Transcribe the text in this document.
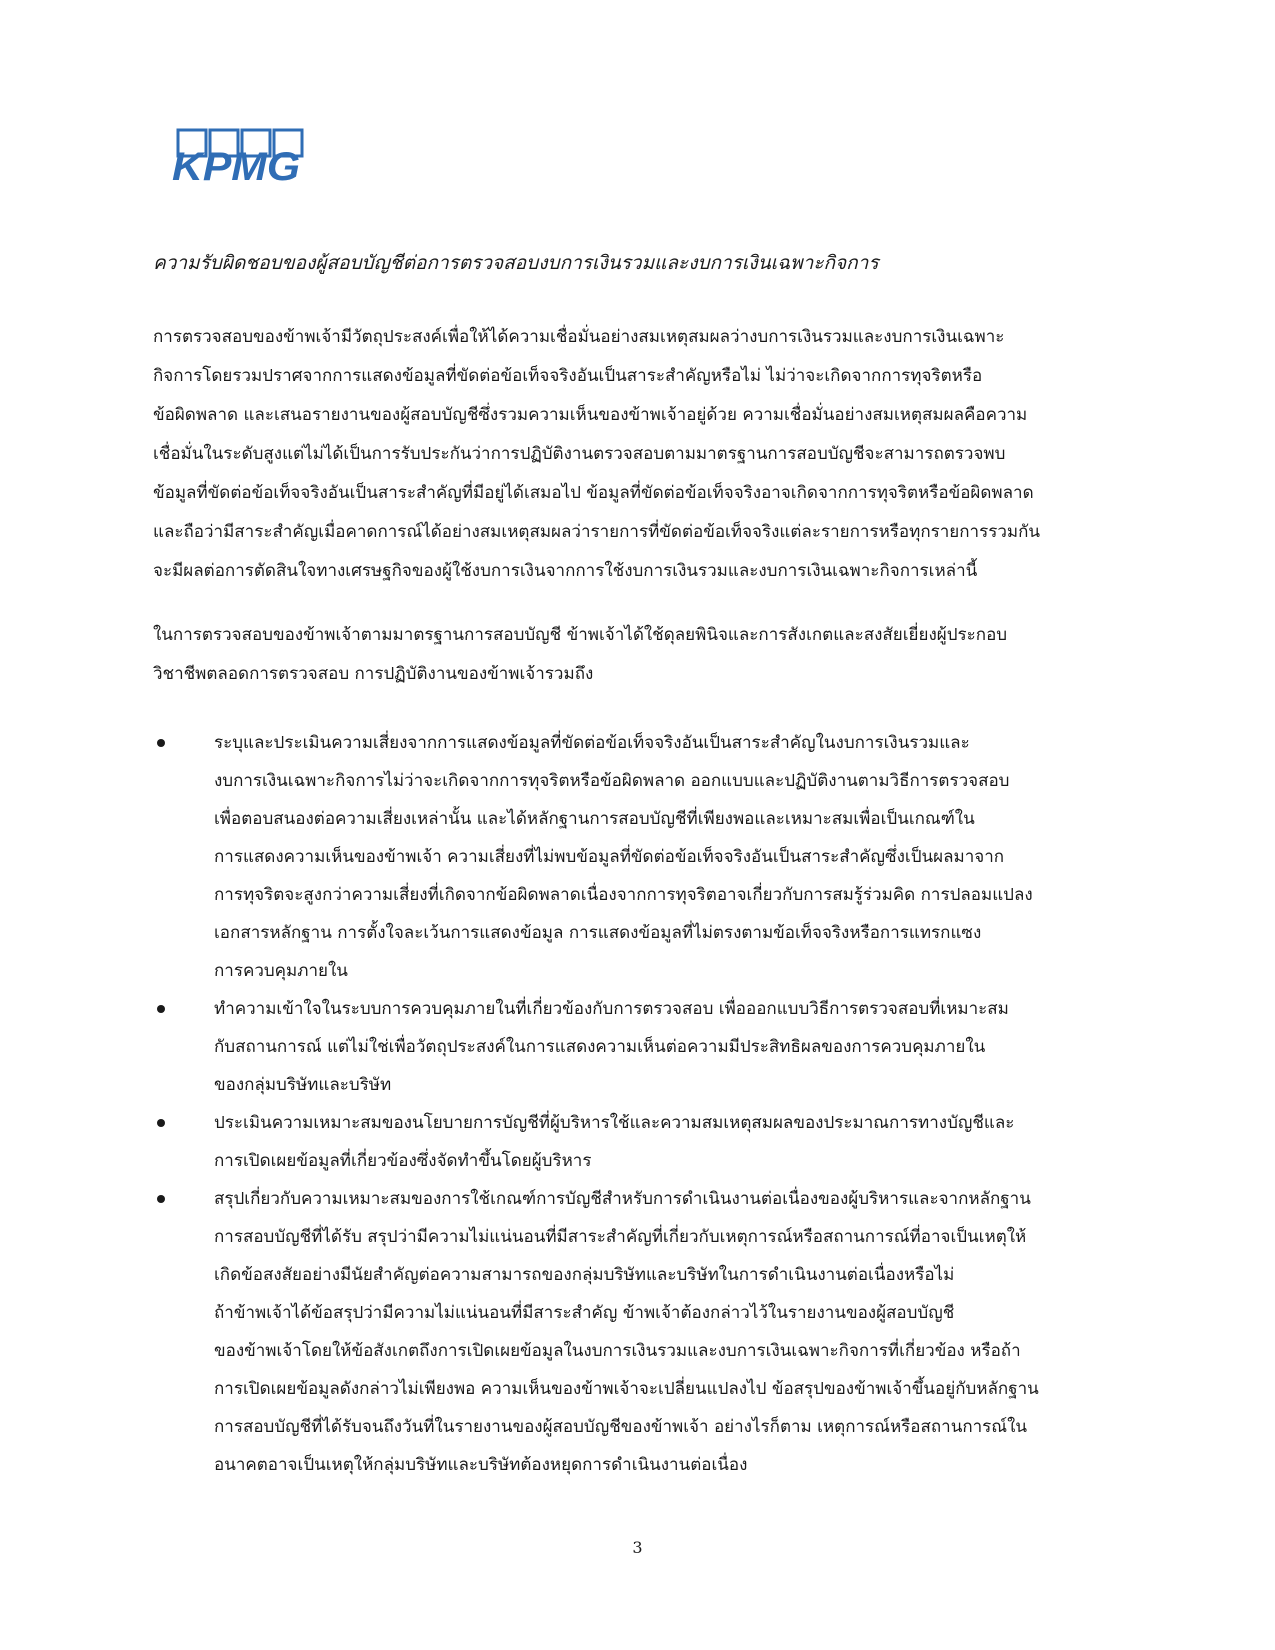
KPMG
ความรับผิดชอบของผู้สอบบัญชีต่อการตรวจสอบงบการเงินรวมและงบการเงินเฉพาะกิจการ
การตรวจสอบของข้าพเจ้ามีวัตถุประสงค์เพื่อให้ได้ความเชื่อมั่นอย่างสมเหตุสมผลว่างบการเงินรวมและงบการเงินเฉพาะ
กิจการโดยรวมปราศจากการแสดงข้อมูลที่ขัดต่อข้อเท็จจริงอันเป็นสาระสำคัญหรือไม่ ไม่ว่าจะเกิดจากการทุจริตหรือ
ข้อผิดพลาด และเสนอรายงานของผู้สอบบัญชีซึ่งรวมความเห็นของข้าพเจ้าอยู่ด้วย ความเชื่อมั่นอย่างสมเหตุสมผลคือความ
เชื่อมั่นในระดับสูงแต่ไม่ได้เป็นการรับประกันว่าการปฏิบัติงานตรวจสอบตามมาตรฐานการสอบบัญชีจะสามารถตรวจพบ
ข้อมูลที่ขัดต่อข้อเท็จจริงอันเป็นสาระสำคัญที่มีอยู่ได้เสมอไป ข้อมูลที่ขัดต่อข้อเท็จจริงอาจเกิดจากการทุจริตหรือข้อผิดพลาด
และถือว่ามีสาระสำคัญเมื่อคาดการณ์ได้อย่างสมเหตุสมผลว่ารายการที่ขัดต่อข้อเท็จจริงแต่ละรายการหรือทุกรายการรวมกัน
จะมีผลต่อการตัดสินใจทางเศรษฐกิจของผู้ใช้งบการเงินจากการใช้งบการเงินรวมและงบการเงินเฉพาะกิจการเหล่านี้
ในการตรวจสอบของข้าพเจ้าตามมาตรฐานการสอบบัญชี ข้าพเจ้าได้ใช้ดุลยพินิจและการสังเกตและสงสัยเยี่ยงผู้ประกอบ
วิชาชีพตลอดการตรวจสอบ การปฏิบัติงานของข้าพเจ้ารวมถึง
ระบุและประเมินความเสี่ยงจากการแสดงข้อมูลที่ขัดต่อข้อเท็จจริงอันเป็นสาระสำคัญในงบการเงินรวมและ
งบการเงินเฉพาะกิจการไม่ว่าจะเกิดจากการทุจริตหรือข้อผิดพลาด ออกแบบและปฏิบัติงานตามวิธีการตรวจสอบ
เพื่อตอบสนองต่อความเสี่ยงเหล่านั้น และได้หลักฐานการสอบบัญชีที่เพียงพอและเหมาะสมเพื่อเป็นเกณฑ์ใน
การแสดงความเห็นของข้าพเจ้า ความเสี่ยงที่ไม่พบข้อมูลที่ขัดต่อข้อเท็จจริงอันเป็นสาระสำคัญซึ่งเป็นผลมาจาก
การทุจริตจะสูงกว่าความเสี่ยงที่เกิดจากข้อผิดพลาดเนื่องจากการทุจริตอาจเกี่ยวกับการสมรู้ร่วมคิด การปลอมแปลง
เอกสารหลักฐาน การตั้งใจละเว้นการแสดงข้อมูล การแสดงข้อมูลที่ไม่ตรงตามข้อเท็จจริงหรือการแทรกแซง
การควบคุมภายใน
ทำความเข้าใจในระบบการควบคุมภายในที่เกี่ยวข้องกับการตรวจสอบ เพื่อออกแบบวิธีการตรวจสอบที่เหมาะสม
กับสถานการณ์ แต่ไม่ใช่เพื่อวัตถุประสงค์ในการแสดงความเห็นต่อความมีประสิทธิผลของการควบคุมภายใน
ของกลุ่มบริษัทและบริษัท
ประเมินความเหมาะสมของนโยบายการบัญชีที่ผู้บริหารใช้และความสมเหตุสมผลของประมาณการทางบัญชีและ
การเปิดเผยข้อมูลที่เกี่ยวข้องซึ่งจัดทำขึ้นโดยผู้บริหาร
สรุปเกี่ยวกับความเหมาะสมของการใช้เกณฑ์การบัญชีสำหรับการดำเนินงานต่อเนื่องของผู้บริหารและจากหลักฐาน
การสอบบัญชีที่ได้รับ สรุปว่ามีความไม่แน่นอนที่มีสาระสำคัญที่เกี่ยวกับเหตุการณ์หรือสถานการณ์ที่อาจเป็นเหตุให้
เกิดข้อสงสัยอย่างมีนัยสำคัญต่อความสามารถของกลุ่มบริษัทและบริษัทในการดำเนินงานต่อเนื่องหรือไม่
ถ้าข้าพเจ้าได้ข้อสรุปว่ามีความไม่แน่นอนที่มีสาระสำคัญ ข้าพเจ้าต้องกล่าวไว้ในรายงานของผู้สอบบัญชี
ของข้าพเจ้าโดยให้ข้อสังเกตถึงการเปิดเผยข้อมูลในงบการเงินรวมและงบการเงินเฉพาะกิจการที่เกี่ยวข้อง หรือถ้า
การเปิดเผยข้อมูลดังกล่าวไม่เพียงพอ ความเห็นของข้าพเจ้าจะเปลี่ยนแปลงไป ข้อสรุปของข้าพเจ้าขึ้นอยู่กับหลักฐาน
การสอบบัญชีที่ได้รับจนถึงวันที่ในรายงานของผู้สอบบัญชีของข้าพเจ้า อย่างไรก็ตาม เหตุการณ์หรือสถานการณ์ใน
อนาคตอาจเป็นเหตุให้กลุ่มบริษัทและบริษัทต้องหยุดการดำเนินงานต่อเนื่อง
3
